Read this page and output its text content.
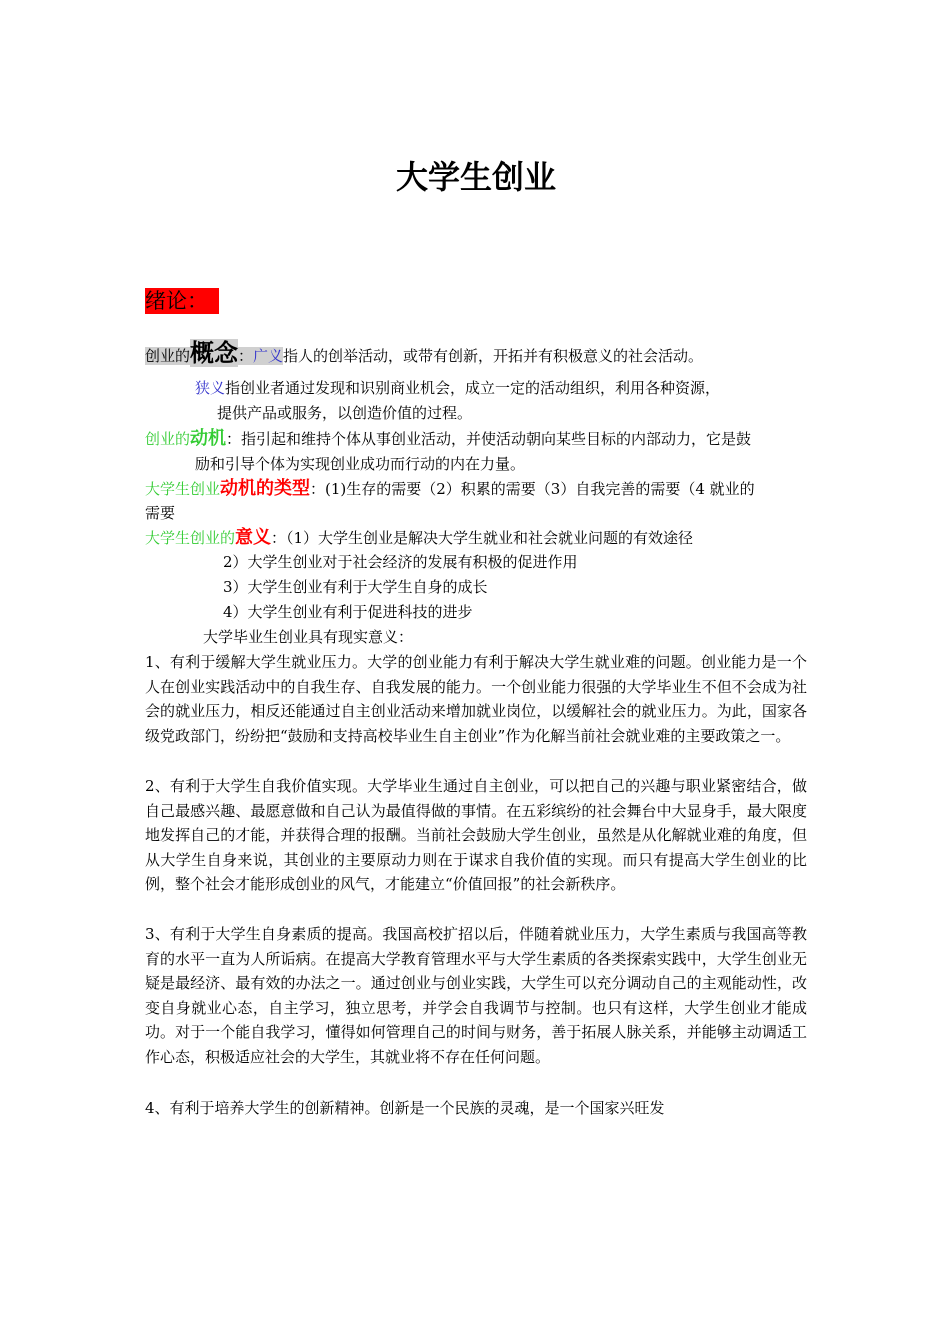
大学生创业
绪论：
创业的概念：广义指人的创举活动，或带有创新，开拓并有积极意义的社会活动。
狭义指创业者通过发现和识别商业机会，成立一定的活动组织，利用各种资源，
提供产品或服务，以创造价值的过程。
创业的动机：指引起和维持个体从事创业活动，并使活动朝向某些目标的内部动力，它是鼓
励和引导个体为实现创业成功而行动的内在力量。
大学生创业动机的类型：(1)生存的需要（2）积累的需要（3）自我完善的需要（4 就业的
需要
大学生创业的意义：（1）大学生创业是解决大学生就业和社会就业问题的有效途径
2）大学生创业对于社会经济的发展有积极的促进作用
3）大学生创业有利于大学生自身的成长
4）大学生创业有利于促进科技的进步
大学毕业生创业具有现实意义：
1、有利于缓解大学生就业压力。大学的创业能力有利于解决大学生就业难的问题。创业能力是一个人在创业实践活动中的自我生存、自我发展的能力。一个创业能力很强的大学毕业生不但不会成为社会的就业压力，相反还能通过自主创业活动来增加就业岗位，以缓解社会的就业压力。为此，国家各级党政部门，纷纷把“鼓励和支持高校毕业生自主创业”作为化解当前社会就业难的主要政策之一。
2、有利于大学生自我价值实现。大学毕业生通过自主创业，可以把自己的兴趣与职业紧密结合，做自己最感兴趣、最愿意做和自己认为最值得做的事情。在五彩缤纷的社会舞台中大显身手，最大限度地发挥自己的才能，并获得合理的报酬。当前社会鼓励大学生创业，虽然是从化解就业难的角度，但从大学生自身来说，其创业的主要原动力则在于谋求自我价值的实现。而只有提高大学生创业的比例，整个社会才能形成创业的风气，才能建立“价值回报”的社会新秩序。
3、有利于大学生自身素质的提高。我国高校扩招以后，伴随着就业压力，大学生素质与我国高等教育的水平一直为人所诟病。在提高大学教育管理水平与大学生素质的各类探索实践中，大学生创业无疑是最经济、最有效的办法之一。通过创业与创业实践，大学生可以充分调动自己的主观能动性，改变自身就业心态，自主学习，独立思考，并学会自我调节与控制。也只有这样，大学生创业才能成功。对于一个能自我学习，懂得如何管理自己的时间与财务，善于拓展人脉关系，并能够主动调适工作心态，积极适应社会的大学生，其就业将不存在任何问题。
4、有利于培养大学生的创新精神。创新是一个民族的灵魂，是一个国家兴旺发
